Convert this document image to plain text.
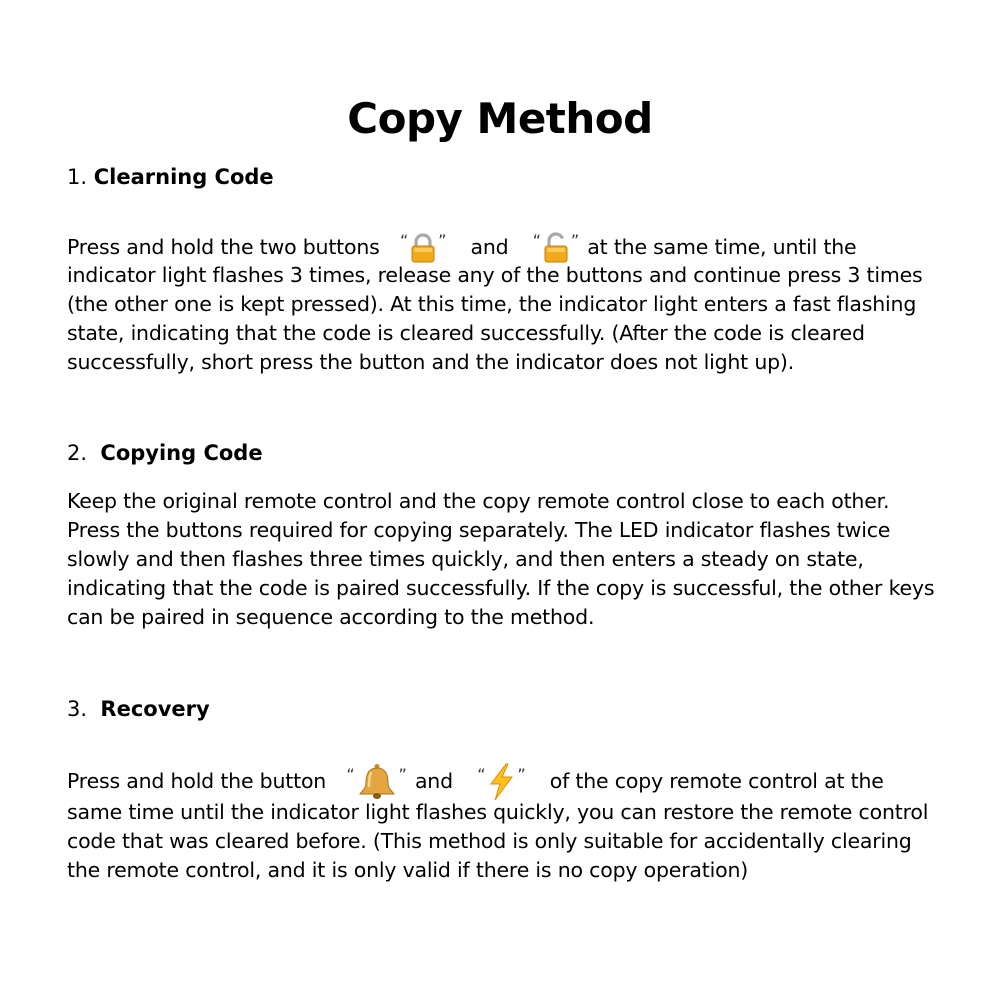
Copy Method
1. Clearning Code
Press and hold the two buttons “ ” and “ ” at the same time, until the
indicator light flashes 3 times, release any of the buttons and continue press 3 times (the other one is kept pressed). At this time, the indicator light enters a fast flashing state, indicating that the code is cleared successfully. (After the code is cleared successfully, short press the button and the indicator does not light up).
2. Copying Code
Keep the original remote control and the copy remote control close to each other. Press the buttons required for copying separately. The LED indicator flashes twice slowly and then flashes three times quickly, and then enters a steady on state, indicating that the code is paired successfully. If the copy is successful, the other keys can be paired in sequence according to the method.
3. Recovery
Press and hold the button “	” and “ ” of the copy remote control at the
same time until the indicator light flashes quickly, you can restore the remote control code that was cleared before. (This method is only suitable for accidentally clearing the remote control, and it is only valid if there is no copy operation)
